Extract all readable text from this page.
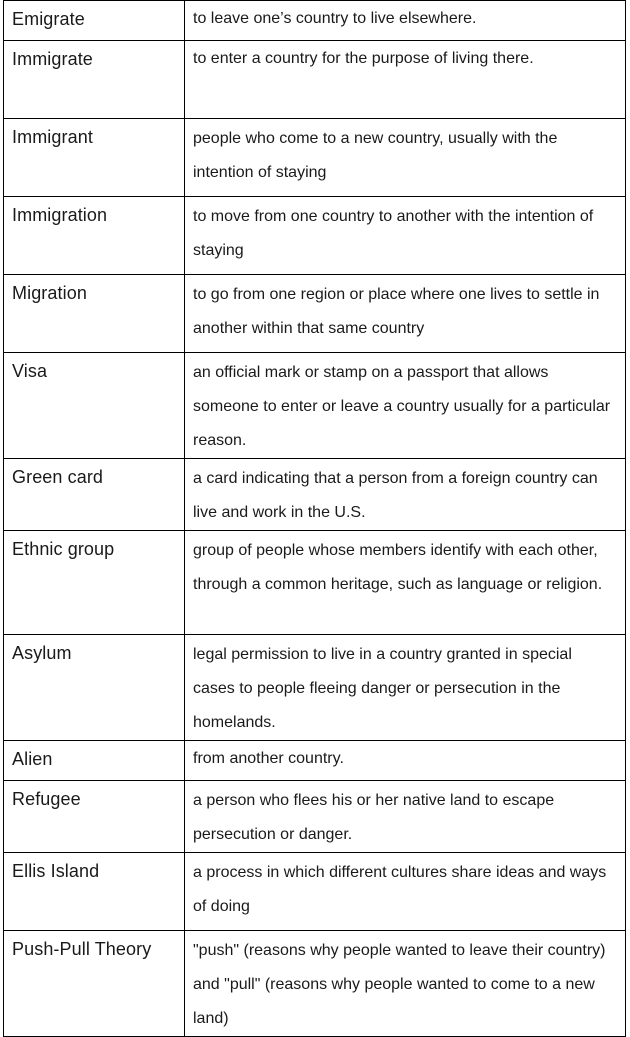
Emigrate	to leave one’s country to live elsewhere.

Immigrate	to enter a country for the purpose of living there.

Immigrant	people who come to a new country, usually with the intention of staying

Immigration	to move from one country to another with the intention of staying

Migration	to go from one region or place where one lives to settle in another within that same country

Visa	an official mark or stamp on a passport that allows someone to enter or leave a country usually for a particular reason.

Green card	a card indicating that a person from a foreign country can live and work in the U.S.

Ethnic group	group of people whose members identify with each other, through a common heritage, such as language or religion.

Asylum	legal permission to live in a country granted in special cases to people fleeing danger or persecution in the homelands.

Alien	from another country.

Refugee	a person who flees his or her native land to escape persecution or danger.

Ellis Island	a process in which different cultures share ideas and ways of doing

Push-Pull Theory	"push" (reasons why people wanted to leave their country) and "pull" (reasons why people wanted to come to a new land)
